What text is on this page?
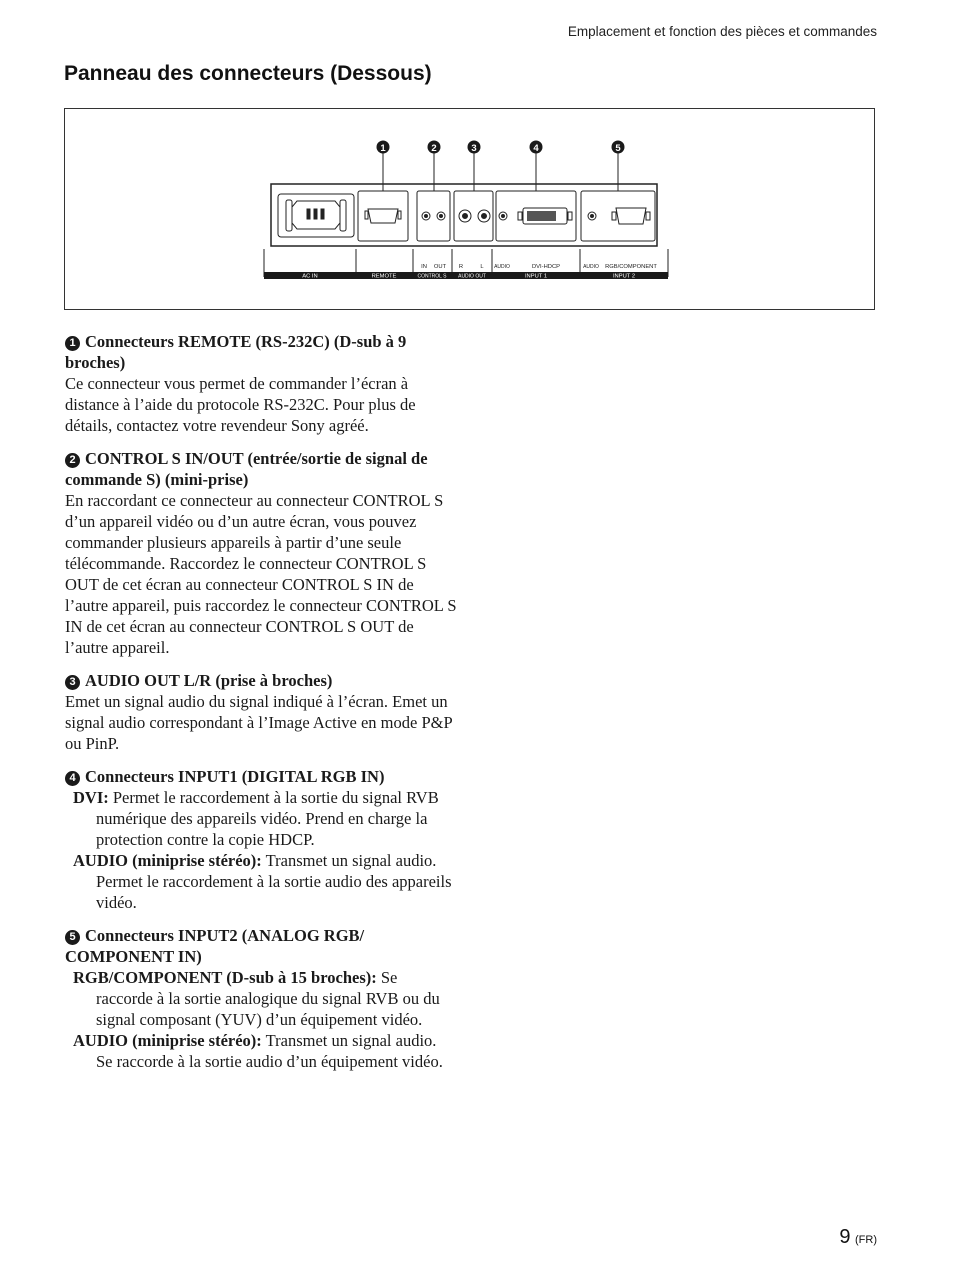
Emplacement et fonction des pièces et commandes
Panneau des connecteurs (Dessous)
1	2	3	4	5
IN OUT R	L AUDIO	DVI-HDCP	AUDIO RGB/COMPONENT
AC IN	REMOTE	CONTROL S AUDIO OUT	INPUT 1	INPUT 2
1 Connecteurs REMOTE (RS-232C) (D-sub à 9 broches)
Ce connecteur vous permet de commander l’écran à distance à l’aide du protocole RS-232C. Pour plus de détails, contactez votre revendeur Sony agréé.
2 CONTROL S IN/OUT (entrée/sortie de signal de commande S) (mini-prise)
En raccordant ce connecteur au connecteur CONTROL S d’un appareil vidéo ou d’un autre écran, vous pouvez commander plusieurs appareils à partir d’une seule télécommande. Raccordez le connecteur CONTROL S OUT de cet écran au connecteur CONTROL S IN de l’autre appareil, puis raccordez le connecteur CONTROL S IN de cet écran au connecteur CONTROL S OUT de l’autre appareil.
3 AUDIO OUT L/R (prise à broches)
Emet un signal audio du signal indiqué à l’écran. Emet un signal audio correspondant à l’Image Active en mode P&P ou PinP.
4 Connecteurs INPUT1 (DIGITAL RGB IN)
DVI: Permet le raccordement à la sortie du signal RVB numérique des appareils vidéo. Prend en charge la protection contre la copie HDCP.
AUDIO (miniprise stéréo): Transmet un signal audio. Permet le raccordement à la sortie audio des appareils vidéo.
5 Connecteurs INPUT2 (ANALOG RGB/ COMPONENT IN)
RGB/COMPONENT (D-sub à 15 broches): Se raccorde à la sortie analogique du signal RVB ou du signal composant (YUV) d’un équipement vidéo.
AUDIO (miniprise stéréo): Transmet un signal audio. Se raccorde à la sortie audio d’un équipement vidéo.
9 (FR)
